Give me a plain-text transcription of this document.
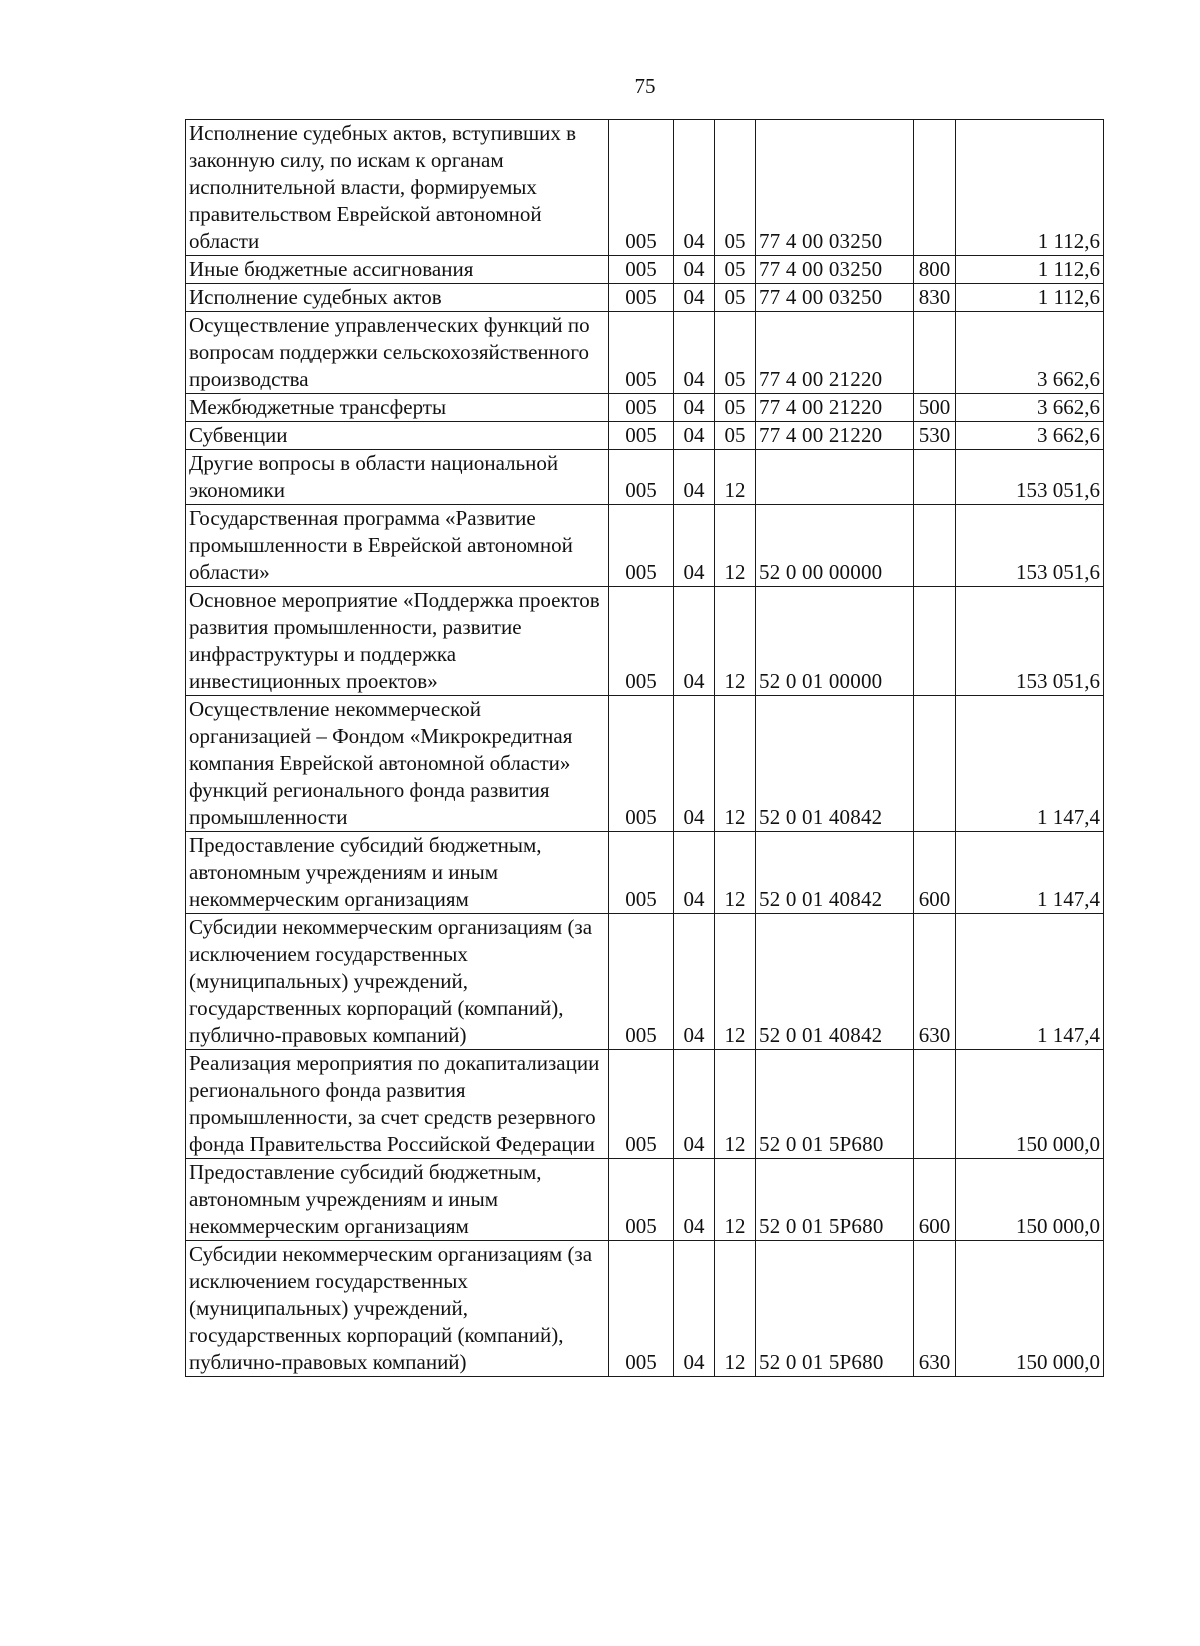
75
Исполнение судебных актов, вступивших в законную силу, по искам к органам исполнительной власти, формируемых правительством Еврейской автономной области	005	04	05	77 4 00 03250		1 112,6
Иные бюджетные ассигнования	005	04	05	77 4 00 03250	800	1 112,6
Исполнение судебных актов	005	04	05	77 4 00 03250	830	1 112,6
Осуществление управленческих функций по вопросам поддержки сельскохозяйственного производства	005	04	05	77 4 00 21220		3 662,6
Межбюджетные трансферты	005	04	05	77 4 00 21220	500	3 662,6
Субвенции	005	04	05	77 4 00 21220	530	3 662,6
Другие вопросы в области национальной экономики	005	04	12			153 051,6
Государственная программа «Развитие промышленности в Еврейской автономной области»	005	04	12	52 0 00 00000		153 051,6
Основное мероприятие «Поддержка проектов развития промышленности, развитие инфраструктуры и поддержка инвестиционных проектов»	005	04	12	52 0 01 00000		153 051,6
Осуществление некоммерческой организацией – Фондом «Микрокредитная компания Еврейской автономной области» функций регионального фонда развития промышленности	005	04	12	52 0 01 40842		1 147,4
Предоставление субсидий бюджетным, автономным учреждениям и иным некоммерческим организациям	005	04	12	52 0 01 40842	600	1 147,4
Субсидии некоммерческим организациям (за исключением государственных (муниципальных) учреждений, государственных корпораций (компаний), публично-правовых компаний)	005	04	12	52 0 01 40842	630	1 147,4
Реализация мероприятия по докапитализации регионального фонда развития промышленности, за счет средств резервного фонда Правительства Российской Федерации	005	04	12	52 0 01 5P680		150 000,0
Предоставление субсидий бюджетным, автономным учреждениям и иным некоммерческим организациям	005	04	12	52 0 01 5P680	600	150 000,0
Субсидии некоммерческим организациям (за исключением государственных (муниципальных) учреждений, государственных корпораций (компаний), публично-правовых компаний)	005	04	12	52 0 01 5P680	630	150 000,0
